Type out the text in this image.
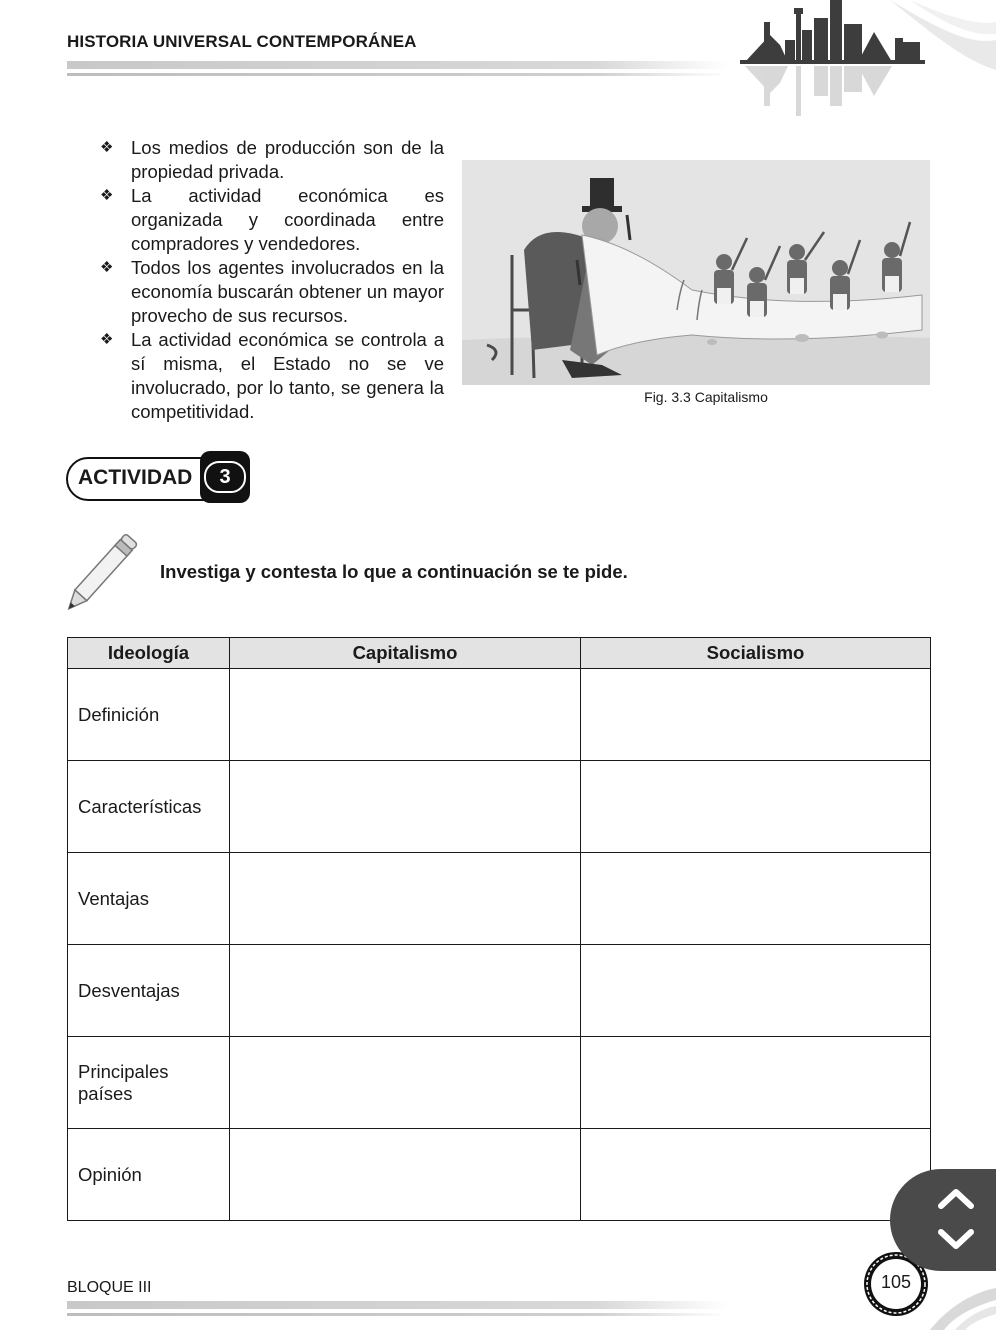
HISTORIA UNIVERSAL CONTEMPORÁNEA
❖ Los medios de producción son de la propiedad privada.
❖ La actividad económica es organizada y coordinada entre compradores y vendedores.
❖ Todos los agentes involucrados en la economía buscarán obtener un mayor provecho de sus recursos.
❖ La actividad económica se controla a sí misma, el Estado no se ve involucrado, por lo tanto, se genera la competitividad.
Fig. 3.3 Capitalismo
ACTIVIDAD	3
Investiga y contesta lo que a continuación se te pide.
Ideología	Capitalismo	Socialismo
Definición		
Características		
Ventajas		
Desventajas		
Principales países		
Opinión		
BLOQUE III	105
